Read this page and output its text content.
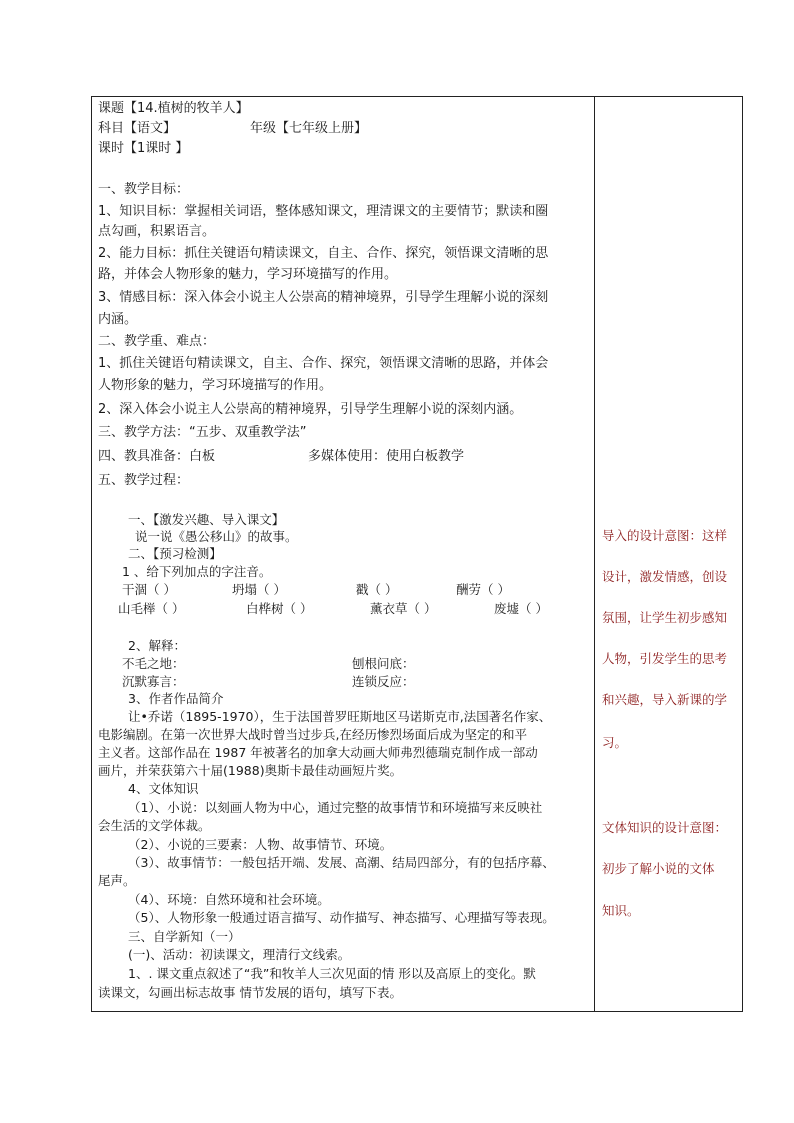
课题【14.植树的牧羊人】
科目【语文】	年级【七年级上册】
课时【1课时 】
一、教学目标：
1、知识目标：掌握相关词语，整体感知课文，理清课文的主要情节；默读和圈
点勾画，积累语言。
2、能力目标：抓住关键语句精读课文，自主、合作、探究，领悟课文清晰的思
路，并体会人物形象的魅力，学习环境描写的作用。
3、情感目标：深入体会小说主人公崇高的精神境界，引导学生理解小说的深刻
内涵。
二、教学重、难点：
1、抓住关键语句精读课文，自主、合作、探究，领悟课文清晰的思路，并体会
人物形象的魅力，学习环境描写的作用。
2、深入体会小说主人公崇高的精神境界，引导学生理解小说的深刻内涵。
三、教学方法：“五步、双重教学法”
四、教具准备：白板	多媒体使用：使用白板教学
五、教学过程：
一、【激发兴趣、导入课文】
说一说《愚公移山》的故事。
二、【预习检测】
1 、给下列加点的字注音。
干涸（ ）	坍塌（ ）	戳（ ）	酬劳（ ）
山毛榉（ ）	白桦树（ ）	薰衣草（ ）	废墟（ ）
2、解释：
不毛之地：	刨根问底：
沉默寡言：	连锁反应：
3、作者作品简介
让•乔诺（1895-1970），生于法国普罗旺斯地区马诺斯克市,法国著名作家、
电影编剧。在第一次世界大战时曾当过步兵,在经历惨烈场面后成为坚定的和平
主义者。这部作品在 1987 年被著名的加拿大动画大师弗烈德瑞克制作成一部动
画片，并荣获第六十届(1988)奥斯卡最佳动画短片奖。
4、文体知识
（1）、小说：以刻画人物为中心，通过完整的故事情节和环境描写来反映社
会生活的文学体裁。
（2）、小说的三要素：人物、故事情节、环境。
（3）、故事情节：一般包括开端、发展、高潮、结局四部分，有的包括序幕、
尾声。
（4）、环境：自然环境和社会环境。
（5）、人物形象一般通过语言描写、动作描写、神态描写、心理描写等表现。
三、自学新知（一）
(一)、活动：初读课文，理清行文线索。
1、. 课文重点叙述了“我”和牧羊人三次见面的情 形以及高原上的变化。默
读课文，勾画出标志故事 情节发展的语句，填写下表。
导入的设计意图：这样
设计，激发情感，创设
氛围，让学生初步感知
人物，引发学生的思考
和兴趣，导入新课的学
习。
文体知识的设计意图：
初步了解小说的文体
知识。
